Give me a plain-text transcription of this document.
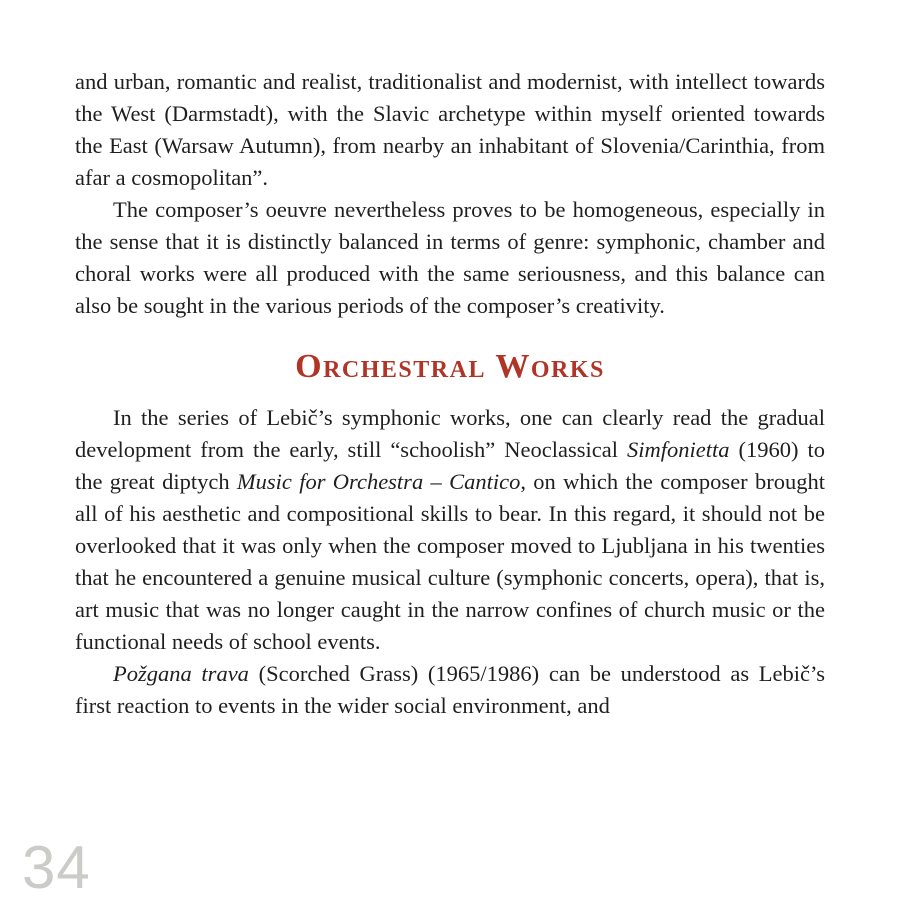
and urban, romantic and realist, traditionalist and modernist, with intellect towards the West (Darmstadt), with the Slavic archetype within myself oriented towards the East (Warsaw Autumn), from nearby an inhabitant of Slovenia/Carinthia, from afar a cosmopolitan”.

The composer’s oeuvre nevertheless proves to be homogeneous, especially in the sense that it is distinctly balanced in terms of genre: symphonic, chamber and choral works were all produced with the same seriousness, and this balance can also be sought in the various periods of the composer’s creativity.

Orchestral Works

In the series of Lebič’s symphonic works, one can clearly read the gradual development from the early, still “schoolish” Neoclassical Simfonietta (1960) to the great diptych Music for Orchestra – Cantico, on which the composer brought all of his aesthetic and compositional skills to bear. In this regard, it should not be overlooked that it was only when the composer moved to Ljubljana in his twenties that he encountered a genuine musical culture (symphonic concerts, opera), that is, art music that was no longer caught in the narrow confines of church music or the functional needs of school events.

Požgana trava (Scorched Grass) (1965/1986) can be understood as Lebič’s first reaction to events in the wider social environment, and

34
